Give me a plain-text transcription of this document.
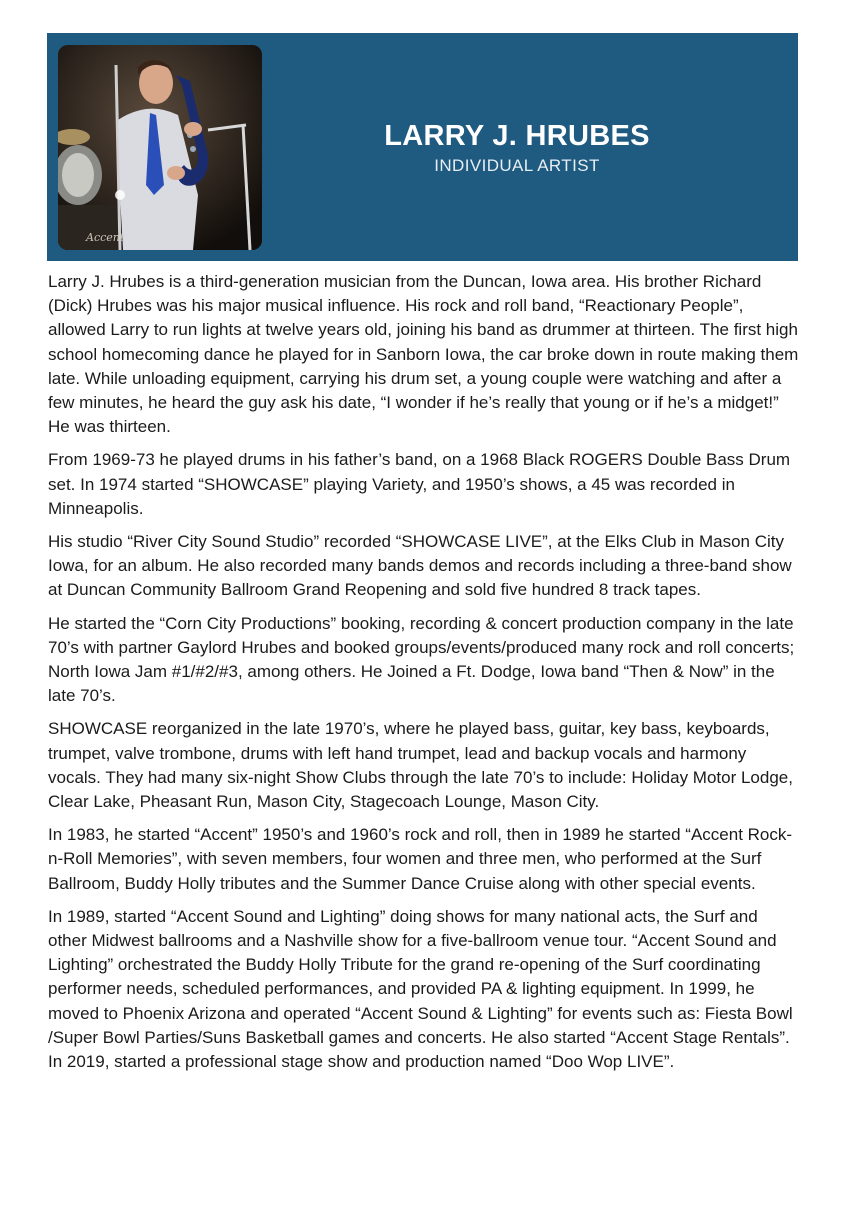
Accent
LARRY J. HRUBES
INDIVIDUAL ARTIST

Larry J. Hrubes is a third-generation musician from the Duncan, Iowa area. His brother Richard (Dick) Hrubes was his major musical influence. His rock and roll band, “Reactionary People”, allowed Larry to run lights at twelve years old, joining his band as drummer at thirteen. The first high school homecoming dance he played for in Sanborn Iowa, the car broke down in route making them late. While unloading equipment, carrying his drum set, a young couple were watching and after a few minutes, he heard the guy ask his date, “I wonder if he’s really that young or if he’s a midget!” He was thirteen.

From 1969-73 he played drums in his father’s band, on a 1968 Black ROGERS Double Bass Drum set. In 1974 started “SHOWCASE” playing Variety, and 1950’s shows, a 45 was recorded in Minneapolis.

His studio “River City Sound Studio” recorded “SHOWCASE LIVE”, at the Elks Club in Mason City Iowa, for an album. He also recorded many bands demos and records including a three-band show at Duncan Community Ballroom Grand Reopening and sold five hundred 8 track tapes.

He started the “Corn City Productions” booking, recording & concert production company in the late 70’s with partner Gaylord Hrubes and booked groups/events/produced many rock and roll concerts; North Iowa Jam #1/#2/#3, among others. He Joined a Ft. Dodge, Iowa band “Then & Now” in the late 70’s.

SHOWCASE reorganized in the late 1970’s, where he played bass, guitar, key bass, keyboards, trumpet, valve trombone, drums with left hand trumpet, lead and backup vocals and harmony vocals. They had many six-night Show Clubs through the late 70’s to include: Holiday Motor Lodge, Clear Lake, Pheasant Run, Mason City, Stagecoach Lounge, Mason City.

In 1983, he started “Accent” 1950’s and 1960’s rock and roll, then in 1989 he started “Accent Rock-n-Roll Memories”, with seven members, four women and three men, who performed at the Surf Ballroom, Buddy Holly tributes and the Summer Dance Cruise along with other special events.

In 1989, started “Accent Sound and Lighting” doing shows for many national acts, the Surf and other Midwest ballrooms and a Nashville show for a five-ballroom venue tour. “Accent Sound and Lighting” orchestrated the Buddy Holly Tribute for the grand re-opening of the Surf coordinating performer needs, scheduled performances, and provided PA & lighting equipment. In 1999, he moved to Phoenix Arizona and operated “Accent Sound & Lighting” for events such as: Fiesta Bowl /Super Bowl Parties/Suns Basketball games and concerts. He also started “Accent Stage Rentals”. In 2019, started a professional stage show and production named “Doo Wop LIVE”.
